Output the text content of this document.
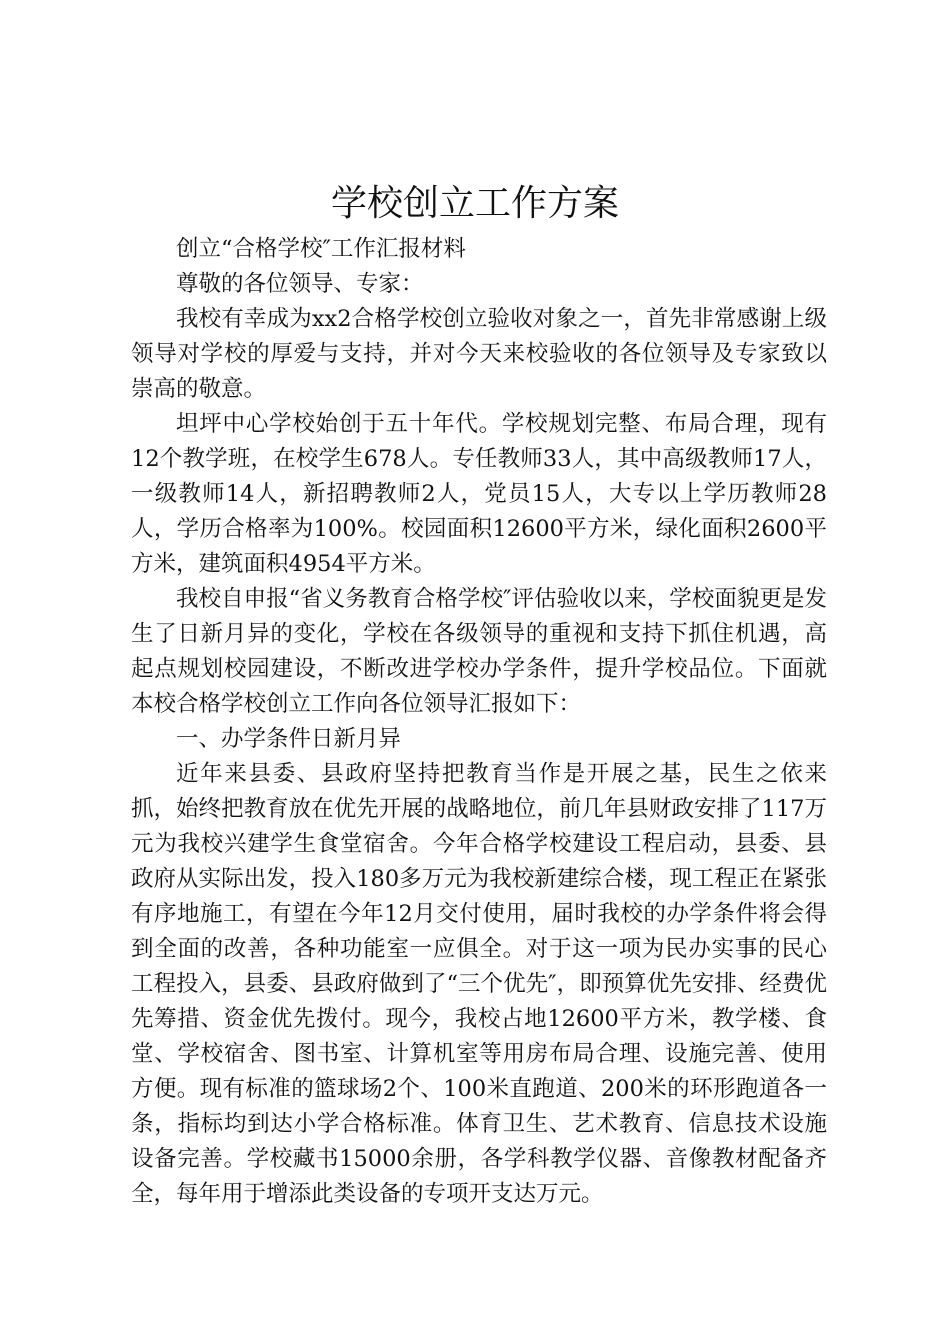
学校创立工作方案

创立“合格学校″工作汇报材料

尊敬的各位领导、专家：

我校有幸成为xx2合格学校创立验收对象之一，首先非常感谢上级领导对学校的厚爱与支持，并对今天来校验收的各位领导及专家致以崇高的敬意。

坦坪中心学校始创于五十年代。学校规划完整、布局合理，现有12个教学班，在校学生678人。专任教师33人，其中高级教师17人，一级教师14人，新招聘教师2人，党员15人，大专以上学历教师28人，学历合格率为100%。校园面积12600平方米，绿化面积2600平方米，建筑面积4954平方米。

我校自申报“省义务教育合格学校″评估验收以来，学校面貌更是发生了日新月异的变化，学校在各级领导的重视和支持下抓住机遇，高起点规划校园建设，不断改进学校办学条件，提升学校品位。下面就本校合格学校创立工作向各位领导汇报如下：

一、办学条件日新月异

近年来县委、县政府坚持把教育当作是开展之基，民生之依来抓，始终把教育放在优先开展的战略地位，前几年县财政安排了117万元为我校兴建学生食堂宿舍。今年合格学校建设工程启动，县委、县政府从实际出发，投入180多万元为我校新建综合楼，现工程正在紧张有序地施工，有望在今年12月交付使用，届时我校的办学条件将会得到全面的改善，各种功能室一应俱全。对于这一项为民办实事的民心工程投入，县委、县政府做到了“三个优先″，即预算优先安排、经费优先筹措、资金优先拨付。现今，我校占地12600平方米，教学楼、食堂、学校宿舍、图书室、计算机室等用房布局合理、设施完善、使用方便。现有标准的篮球场2个、100米直跑道、200米的环形跑道各一条，指标均到达小学合格标准。体育卫生、艺术教育、信息技术设施设备完善。学校藏书15000余册，各学科教学仪器、音像教材配备齐全，每年用于增添此类设备的专项开支达万元。
